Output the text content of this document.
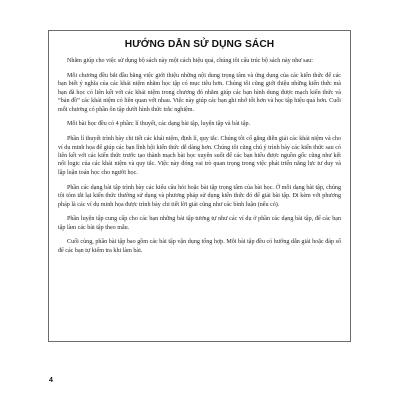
HƯỚNG DẪN SỬ DỤNG SÁCH

Nhằm giúp cho việc sử dụng bộ sách này một cách hiệu quả, chúng tôi cấu trúc bộ sách này như sau:

Mỗi chương đều bắt đầu bằng việc giới thiệu những nội dung trọng tâm và ứng dụng của các kiến thức để các bạn biết ý nghĩa của các khái niệm nhằm học tập có mục tiêu hơn. Chúng tôi cũng giới thiệu những kiến thức mà bạn đã học có liên kết với các khái niệm trong chương đó nhằm giúp các bạn hình dung được mạch kiến thức và “bản đồ” các khái niệm có liên quan với nhau. Việc này giúp các bạn ghi nhớ tốt hơn và học tập hiệu quả hơn. Cuối mỗi chương có phần ôn tập dưới hình thức trắc nghiệm.

Mỗi bài học đều có 4 phần: lí thuyết, các dạng bài tập, luyện tập và bài tập.

Phần lí thuyết trình bày chi tiết các khái niệm, định lí, quy tắc. Chúng tôi cố gắng diễn giải các khái niệm và cho ví dụ minh họa để giúp các bạn lĩnh hội kiến thức dễ dàng hơn. Chúng tôi cũng chú ý trình bày các kiến thức sau có liên kết với các kiến thức trước tạo thành mạch bài học xuyên suốt để các bạn hiểu được nguồn gốc cũng như kết nối logic của các khái niệm và quy tắc. Việc này đóng vai trò quan trọng trong việc phát triển năng lực tư duy và lập luận toán học cho người học.

Phần các dạng bài tập trình bày các kiểu câu hỏi hoặc bài tập trọng tâm của bài học. Ở mỗi dạng bài tập, chúng tôi tóm tắt lại kiến thức thường sử dụng và phương pháp sử dụng kiến thức đó để giải bài tập. Đi kèm với phương pháp là các ví dụ minh họa được trình bày chi tiết lời giải cũng như các bình luận (nếu có).

Phần luyện tập cung cấp cho các bạn những bài tập tương tự như các ví dụ ở phần các dạng bài tập, để các bạn tập làm các bài tập theo mẫu.

Cuối cùng, phần bài tập bao gồm các bài tập vận dụng tổng hợp. Mỗi bài tập đều có hướng dẫn giải hoặc đáp số để các bạn tự kiểm tra khi làm bài.

4
